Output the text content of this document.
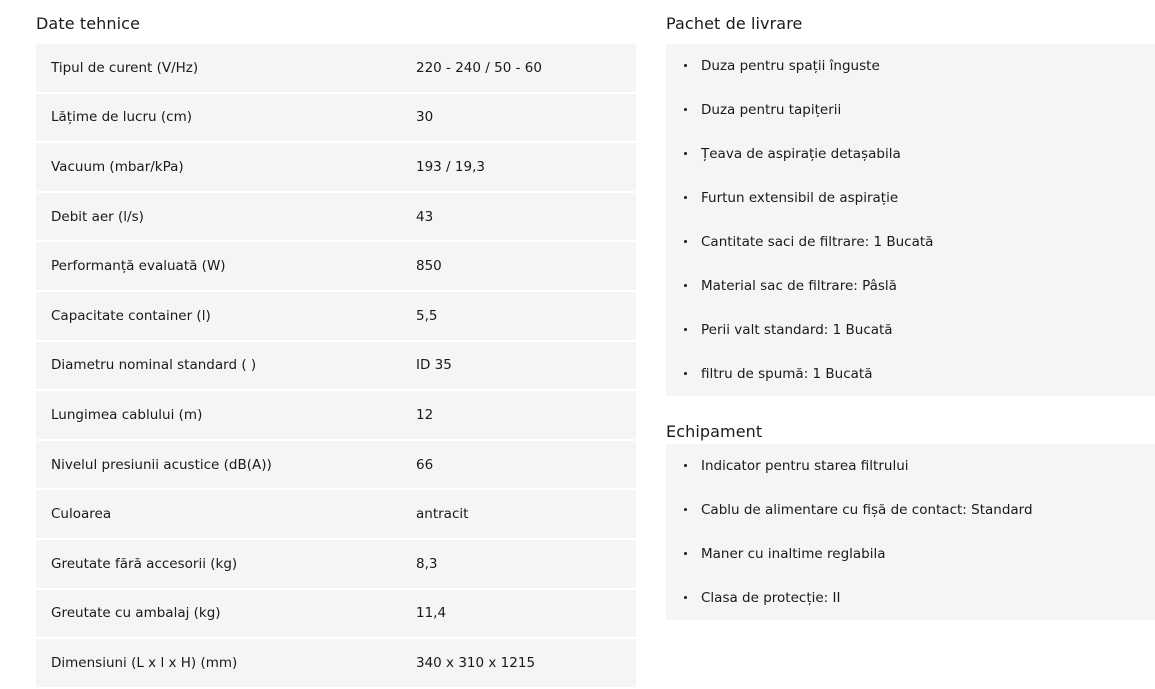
Date tehnice
Tipul de curent (V/Hz)	220 - 240 / 50 - 60
Lățime de lucru (cm)	30
Vacuum (mbar/kPa)	193 / 19,3
Debit aer (l/s)	43
Performanță evaluată (W)	850
Capacitate container (l)	5,5
Diametru nominal standard ( )	ID 35
Lungimea cablului (m)	12
Nivelul presiunii acustice (dB(A))	66
Culoarea	antracit
Greutate fără accesorii (kg)	8,3
Greutate cu ambalaj (kg)	11,4
Dimensiuni (L x l x H) (mm)	340 x 310 x 1215
Pachet de livrare
Duza pentru spații înguste
Duza pentru tapițerii
Țeava de aspirație detașabila
Furtun extensibil de aspirație
Cantitate saci de filtrare: 1 Bucată
Material sac de filtrare: Pâslă
Perii valt standard: 1 Bucată
filtru de spumă: 1 Bucată
Echipament
Indicator pentru starea filtrului
Cablu de alimentare cu fișă de contact: Standard
Maner cu inaltime reglabila
Clasa de protecție: II
